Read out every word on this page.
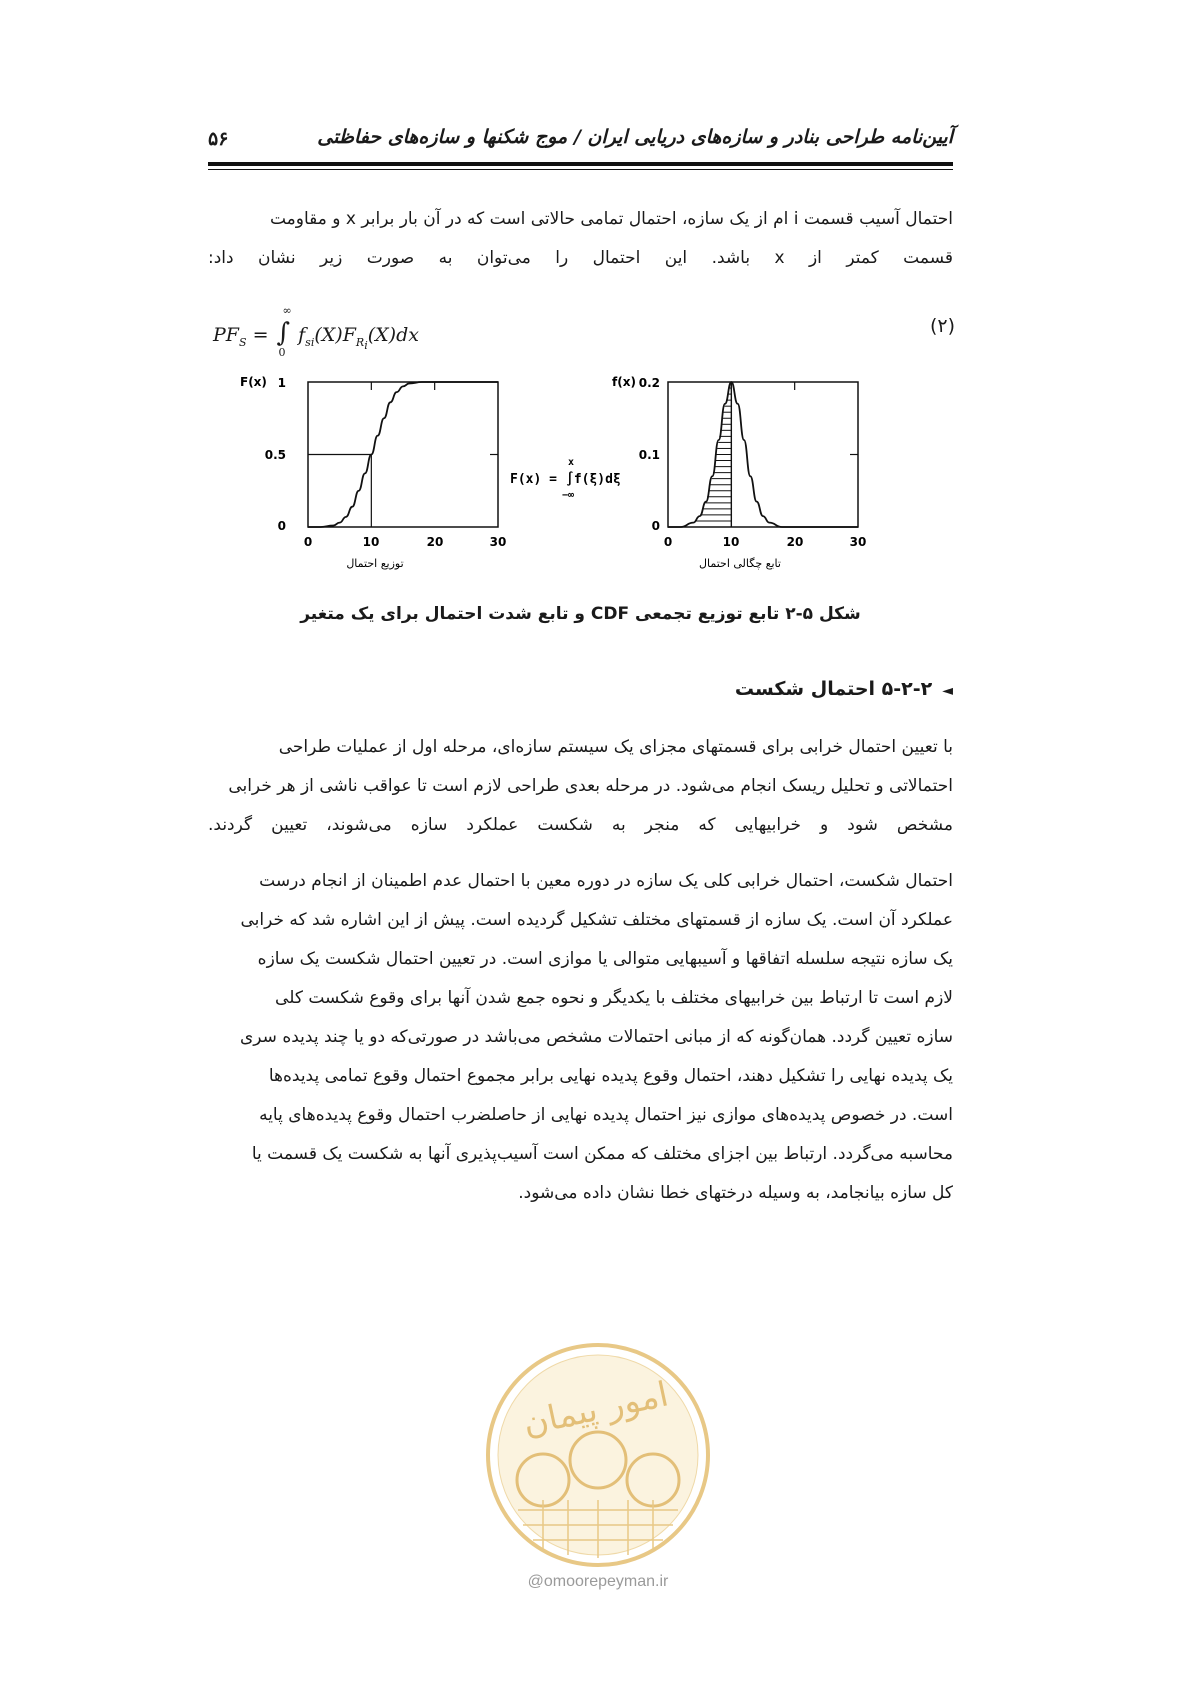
آیین‌نامه طراحی بنادر و سازه‌های دریایی ایران / موج شکنها و سازه‌های حفاظتی
۵۶

احتمال آسیب قسمت i ام از یک سازه، احتمال تمامی حالاتی است که در آن بار برابر x و مقاومت
قسمت کمتر از x باشد. این احتمال را می‌توان به صورت زیر نشان داد:

$PF_S$ = ∫
∞
0
$f_{si}(X)F_{R_i}(X)dx$	(۲)
F(x) 1
0.5
0
0	10	20	30
توزیع احتمال
F(x) =
x
∫f(ξ)dξ
−∞
f(x) 0.2
0.1
0
0	10	20	30
تابع چگالی احتمال
شکل ۵-۲ تابع توزیع تجمعی CDF و تابع شدت احتمال برای یک متغیر
◄۵-۲-۲ احتمال شکست

با تعیین احتمال خرابی برای قسمتهای مجزای یک سیستم سازه‌ای، مرحله اول از عملیات طراحی
احتمالاتی و تحلیل ریسک انجام می‌شود. در مرحله بعدی طراحی لازم است تا عواقب ناشی از هر خرابی
مشخص شود و خرابیهایی که منجر به شکست عملکرد سازه می‌شوند، تعیین گردند.

احتمال شکست، احتمال خرابی کلی یک سازه در دوره معین با احتمال عدم اطمینان از انجام درست
عملکرد آن است. یک سازه از قسمتهای مختلف تشکیل گردیده است. پیش از این اشاره شد که خرابی
یک سازه نتیجه سلسله اتفاقها و آسیبهایی متوالی یا موازی است. در تعیین احتمال شکست یک سازه
لازم است تا ارتباط بین خرابیهای مختلف با یکدیگر و نحوه جمع شدن آنها برای وقوع شکست کلی
سازه تعیین گردد. همان‌گونه که از مبانی احتمالات مشخص می‌باشد در صورتی‌که دو یا چند پدیده سری
یک پدیده نهایی را تشکیل دهند، احتمال وقوع پدیده نهایی برابر مجموع احتمال وقوع تمامی پدیده‌ها
است. در خصوص پدیده‌های موازی نیز احتمال پدیده نهایی از حاصلضرب احتمال وقوع پدیده‌های پایه
محاسبه می‌گردد. ارتباط بین اجزای مختلف که ممکن است آسیب‌پذیری آنها به شکست یک قسمت یا
کل سازه بیانجامد، به وسیله درختهای خطا نشان داده می‌شود.

امور پیمان
@omoorepeyman.ir
